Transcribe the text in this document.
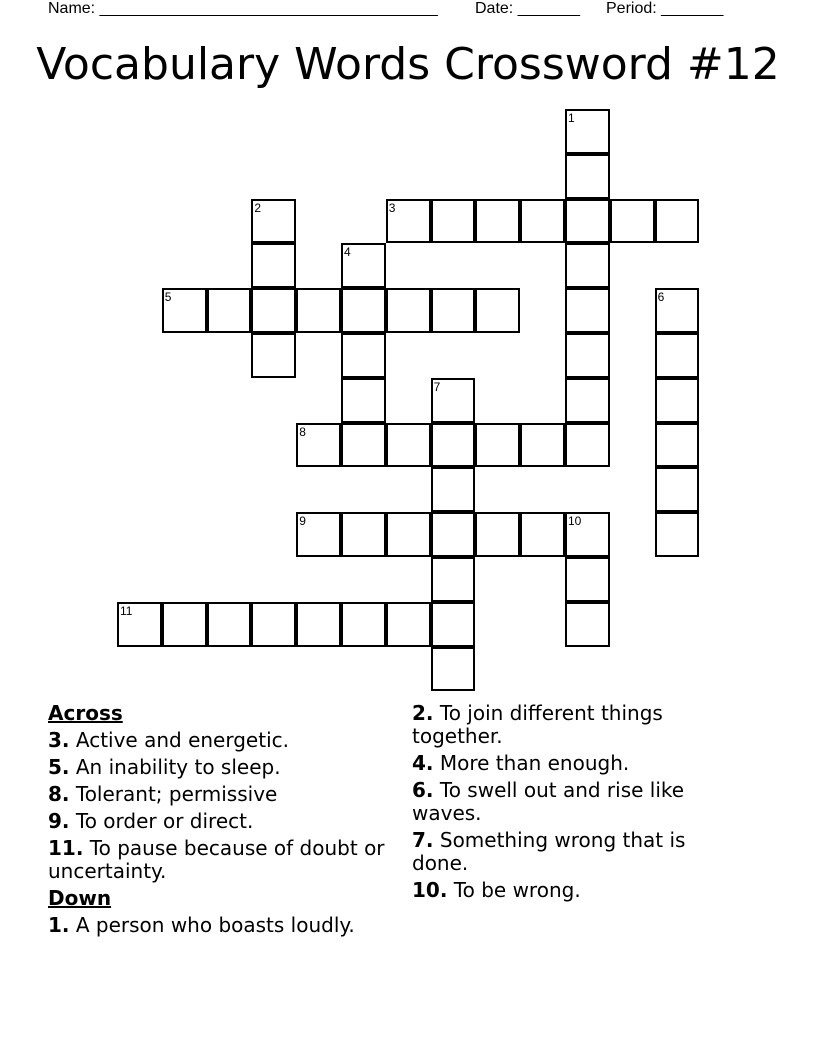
Name: ______________________________________ Date: _______ Period: _______
Vocabulary Words Crossword #12
1
2	3
4
5	6
7
8
9	10
11
Across
3. Active and energetic.
5. An inability to sleep.
8. Tolerant; permissive
9. To order or direct.
11. To pause because of doubt or uncertainty.
Down
1. A person who boasts loudly.
2. To join different things together.
4. More than enough.
6. To swell out and rise like waves.
7. Something wrong that is done.
10. To be wrong.
